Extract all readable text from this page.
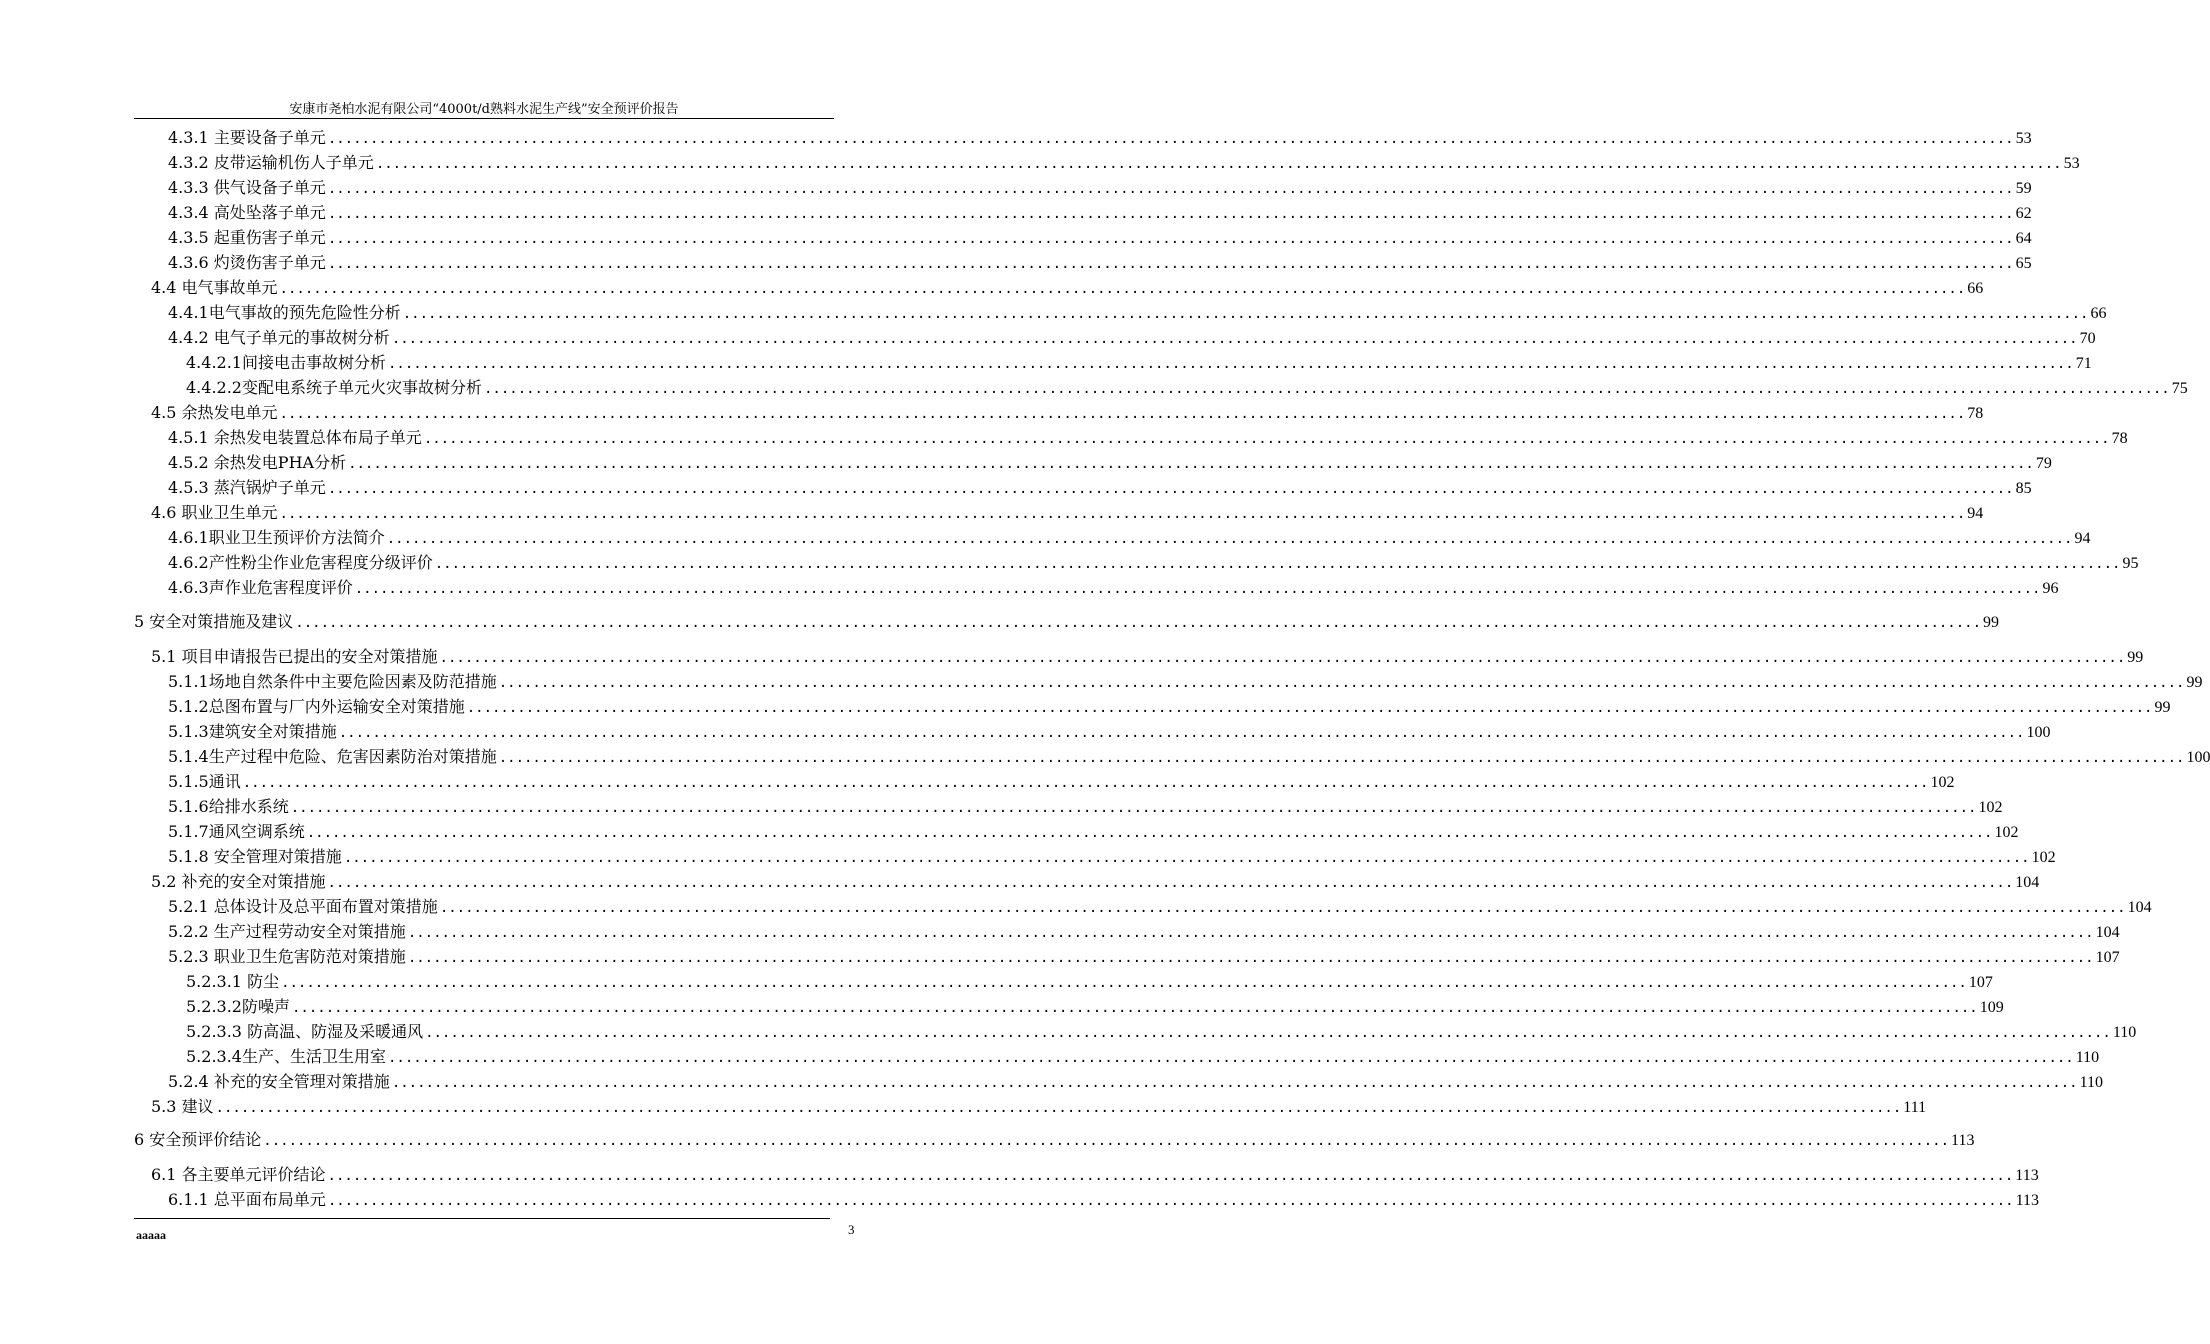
安康市尧柏水泥有限公司“4000t/d熟料水泥生产线”安全预评价报告
4.3.1 主要设备子单元 ........................................................................................................................................................................................................ 53
4.3.2 皮带运输机伤人子单元 ........................................................................................................................................................................................................ 53
4.3.3 供气设备子单元 ........................................................................................................................................................................................................ 59
4.3.4 高处坠落子单元 ........................................................................................................................................................................................................ 62
4.3.5 起重伤害子单元 ........................................................................................................................................................................................................ 64
4.3.6 灼烫伤害子单元 ........................................................................................................................................................................................................ 65
4.4 电气事故单元 ........................................................................................................................................................................................................ 66
4.4.1电气事故的预先危险性分析 ........................................................................................................................................................................................................ 66
4.4.2 电气子单元的事故树分析 ........................................................................................................................................................................................................ 70
4.4.2.1间接电击事故树分析 ........................................................................................................................................................................................................ 71
4.4.2.2变配电系统子单元火灾事故树分析 ........................................................................................................................................................................................................ 75
4.5 余热发电单元 ........................................................................................................................................................................................................ 78
4.5.1 余热发电装置总体布局子单元 ........................................................................................................................................................................................................ 78
4.5.2 余热发电PHA分析 ........................................................................................................................................................................................................ 79
4.5.3 蒸汽锅炉子单元 ........................................................................................................................................................................................................ 85
4.6 职业卫生单元 ........................................................................................................................................................................................................ 94
4.6.1职业卫生预评价方法简介 ........................................................................................................................................................................................................ 94
4.6.2产性粉尘作业危害程度分级评价 ........................................................................................................................................................................................................ 95
4.6.3声作业危害程度评价 ........................................................................................................................................................................................................ 96
5 安全对策措施及建议 ........................................................................................................................................................................................................ 99
5.1 项目申请报告已提出的安全对策措施 ........................................................................................................................................................................................................ 99
5.1.1场地自然条件中主要危险因素及防范措施 ........................................................................................................................................................................................................ 99
5.1.2总图布置与厂内外运输安全对策措施 ........................................................................................................................................................................................................ 99
5.1.3建筑安全对策措施 ........................................................................................................................................................................................................ 100
5.1.4生产过程中危险、危害因素防治对策措施 ........................................................................................................................................................................................................ 100
5.1.5通讯 ........................................................................................................................................................................................................ 102
5.1.6给排水系统 ........................................................................................................................................................................................................ 102
5.1.7通风空调系统 ........................................................................................................................................................................................................ 102
5.1.8 安全管理对策措施 ........................................................................................................................................................................................................ 102
5.2 补充的安全对策措施 ........................................................................................................................................................................................................ 104
5.2.1 总体设计及总平面布置对策措施 ........................................................................................................................................................................................................ 104
5.2.2 生产过程劳动安全对策措施 ........................................................................................................................................................................................................ 104
5.2.3 职业卫生危害防范对策措施 ........................................................................................................................................................................................................ 107
5.2.3.1 防尘 ........................................................................................................................................................................................................ 107
5.2.3.2防噪声 ........................................................................................................................................................................................................ 109
5.2.3.3 防高温、防湿及采暖通风 ........................................................................................................................................................................................................ 110
5.2.3.4生产、生活卫生用室 ........................................................................................................................................................................................................ 110
5.2.4 补充的安全管理对策措施 ........................................................................................................................................................................................................ 110
5.3 建议 ........................................................................................................................................................................................................ 111
6 安全预评价结论 ........................................................................................................................................................................................................ 113
6.1 各主要单元评价结论 ........................................................................................................................................................................................................ 113
6.1.1 总平面布局单元 ........................................................................................................................................................................................................ 113
aaaaa	3
